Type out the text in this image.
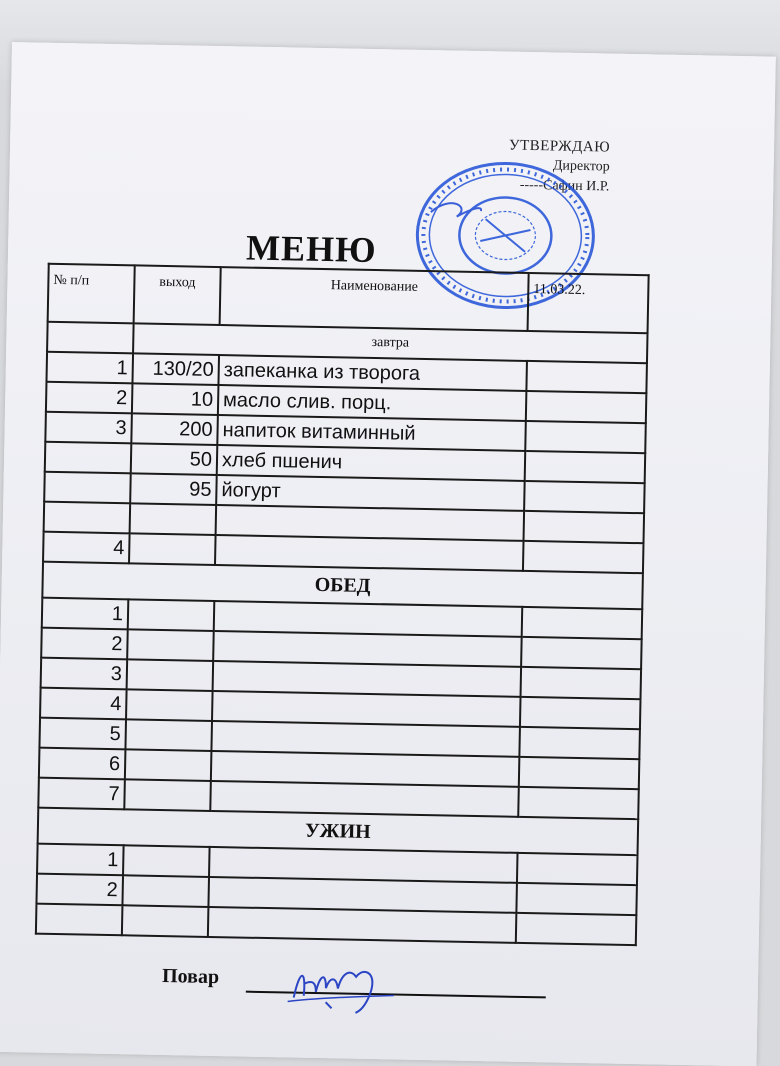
УТВЕРЖДАЮ
Директор
-----Сафин И.Р.
МЕНЮ
№ п/п	выход	Наименование	11.03.22.
	завтра		
1	130/20	запеканка из творога	
2	10	масло слив. порц.	
3	200	напиток витаминный	
	50	хлеб пшенич	
	95	йогурт	

4			
ОБЕД			
1			
2			
3			
4			
5			
6			
7			
УЖИН			
1			
2			

Повар
